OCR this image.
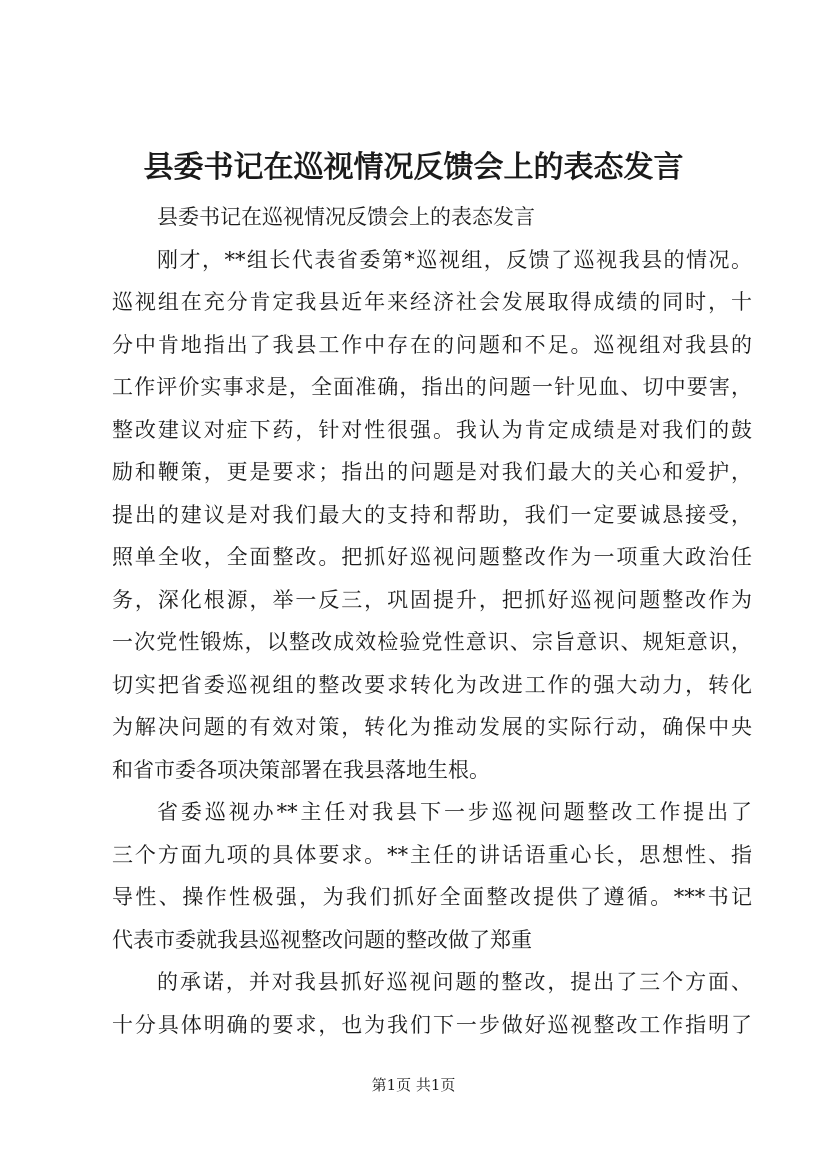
县委书记在巡视情况反馈会上的表态发言
县委书记在巡视情况反馈会上的表态发言
刚才，**组长代表省委第*巡视组，反馈了巡视我县的情况。
巡视组在充分肯定我县近年来经济社会发展取得成绩的同时，十
分中肯地指出了我县工作中存在的问题和不足。巡视组对我县的
工作评价实事求是，全面准确，指出的问题一针见血、切中要害，
整改建议对症下药，针对性很强。我认为肯定成绩是对我们的鼓
励和鞭策，更是要求；指出的问题是对我们最大的关心和爱护，
提出的建议是对我们最大的支持和帮助，我们一定要诚恳接受，
照单全收，全面整改。把抓好巡视问题整改作为一项重大政治任
务，深化根源，举一反三，巩固提升，把抓好巡视问题整改作为
一次党性锻炼，以整改成效检验党性意识、宗旨意识、规矩意识，
切实把省委巡视组的整改要求转化为改进工作的强大动力，转化
为解决问题的有效对策，转化为推动发展的实际行动，确保中央
和省市委各项决策部署在我县落地生根。
省委巡视办**主任对我县下一步巡视问题整改工作提出了
三个方面九项的具体要求。**主任的讲话语重心长，思想性、指
导性、操作性极强，为我们抓好全面整改提供了遵循。***书记
代表市委就我县巡视整改问题的整改做了郑重
的承诺，并对我县抓好巡视问题的整改，提出了三个方面、
十分具体明确的要求，也为我们下一步做好巡视整改工作指明了
第1页 共1页
